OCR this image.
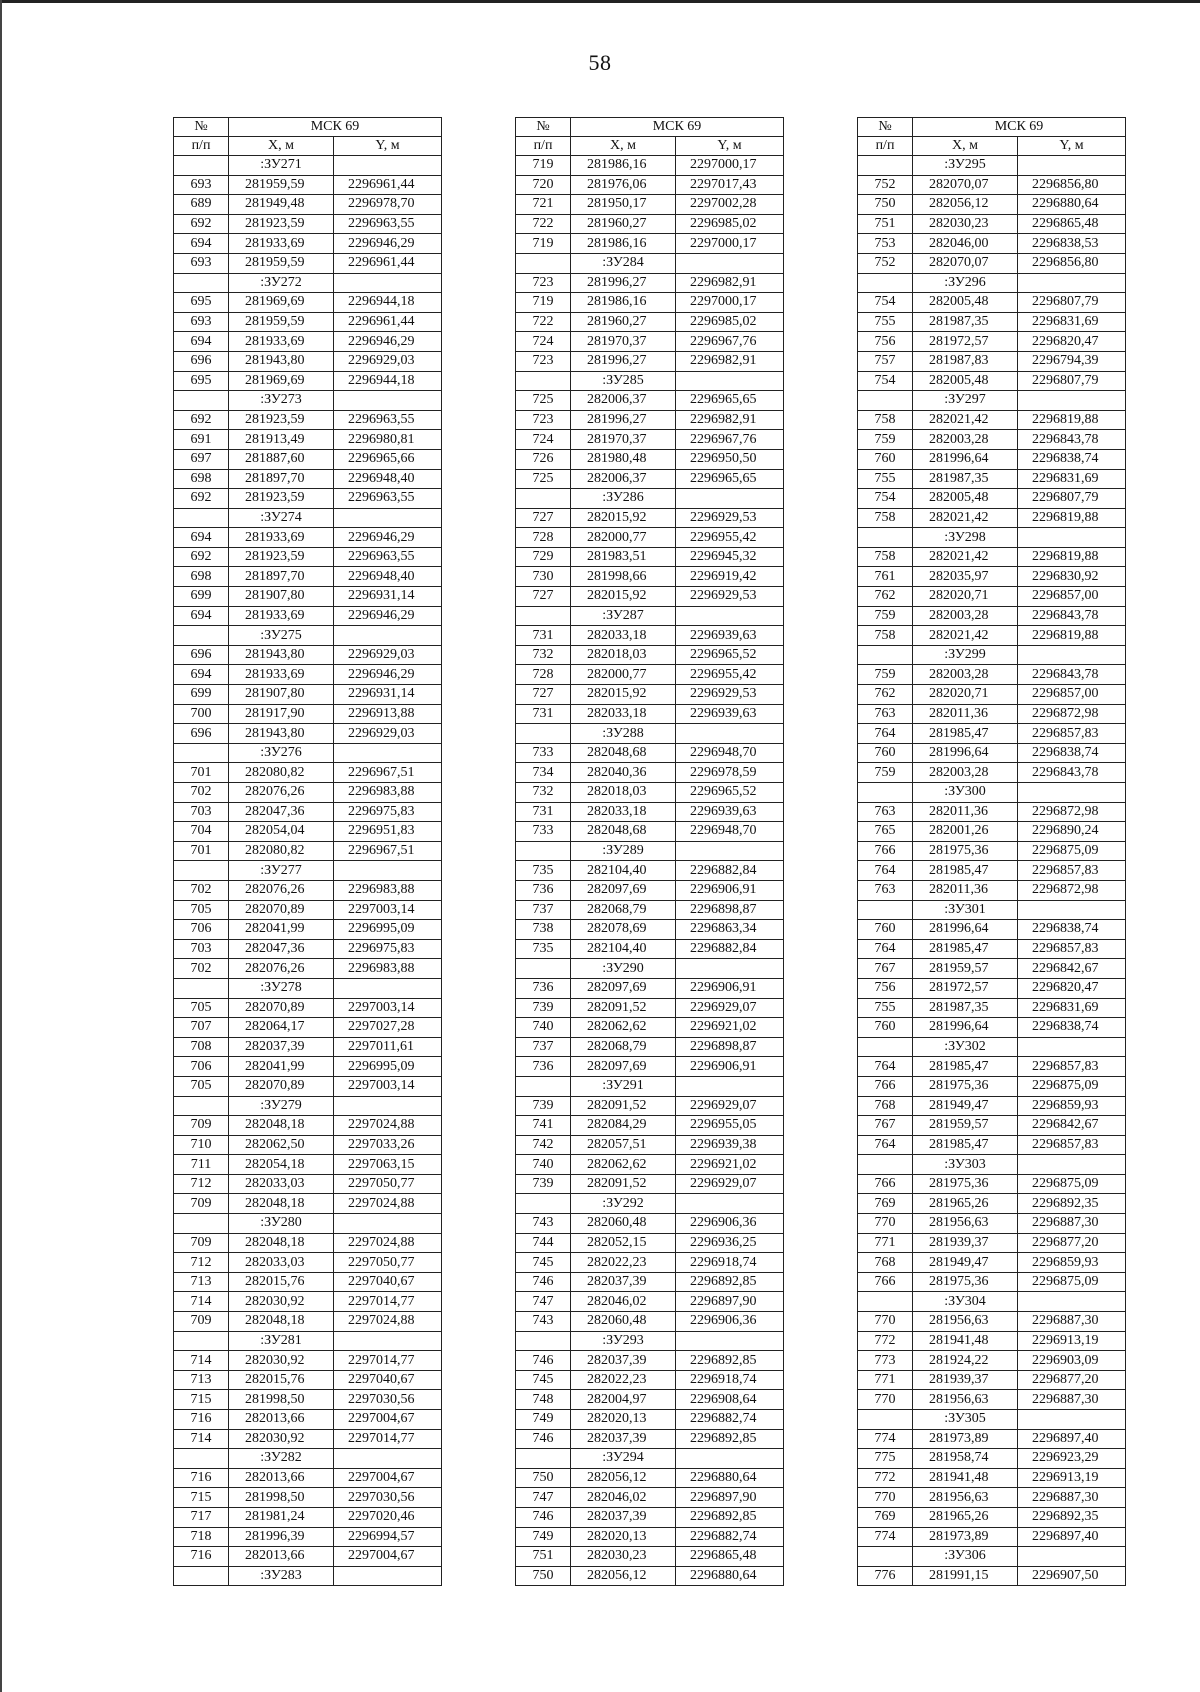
58
№	МСК 69	
п/п	X, м	Y, м
	:ЗУ271	
693	281959,59	2296961,44
689	281949,48	2296978,70
692	281923,59	2296963,55
694	281933,69	2296946,29
693	281959,59	2296961,44
	:ЗУ272	
695	281969,69	2296944,18
693	281959,59	2296961,44
694	281933,69	2296946,29
696	281943,80	2296929,03
695	281969,69	2296944,18
	:ЗУ273	
692	281923,59	2296963,55
691	281913,49	2296980,81
697	281887,60	2296965,66
698	281897,70	2296948,40
692	281923,59	2296963,55
	:ЗУ274	
694	281933,69	2296946,29
692	281923,59	2296963,55
698	281897,70	2296948,40
699	281907,80	2296931,14
694	281933,69	2296946,29
	:ЗУ275	
696	281943,80	2296929,03
694	281933,69	2296946,29
699	281907,80	2296931,14
700	281917,90	2296913,88
696	281943,80	2296929,03
	:ЗУ276	
701	282080,82	2296967,51
702	282076,26	2296983,88
703	282047,36	2296975,83
704	282054,04	2296951,83
701	282080,82	2296967,51
	:ЗУ277	
702	282076,26	2296983,88
705	282070,89	2297003,14
706	282041,99	2296995,09
703	282047,36	2296975,83
702	282076,26	2296983,88
	:ЗУ278	
705	282070,89	2297003,14
707	282064,17	2297027,28
708	282037,39	2297011,61
706	282041,99	2296995,09
705	282070,89	2297003,14
	:ЗУ279	
709	282048,18	2297024,88
710	282062,50	2297033,26
711	282054,18	2297063,15
712	282033,03	2297050,77
709	282048,18	2297024,88
	:ЗУ280	
709	282048,18	2297024,88
712	282033,03	2297050,77
713	282015,76	2297040,67
714	282030,92	2297014,77
709	282048,18	2297024,88
	:ЗУ281	
714	282030,92	2297014,77
713	282015,76	2297040,67
715	281998,50	2297030,56
716	282013,66	2297004,67
714	282030,92	2297014,77
	:ЗУ282	
716	282013,66	2297004,67
715	281998,50	2297030,56
717	281981,24	2297020,46
718	281996,39	2296994,57
716	282013,66	2297004,67
	:ЗУ283	
№	МСК 69	
п/п	X, м	Y, м
719	281986,16	2297000,17
720	281976,06	2297017,43
721	281950,17	2297002,28
722	281960,27	2296985,02
719	281986,16	2297000,17
	:ЗУ284	
723	281996,27	2296982,91
719	281986,16	2297000,17
722	281960,27	2296985,02
724	281970,37	2296967,76
723	281996,27	2296982,91
	:ЗУ285	
725	282006,37	2296965,65
723	281996,27	2296982,91
724	281970,37	2296967,76
726	281980,48	2296950,50
725	282006,37	2296965,65
	:ЗУ286	
727	282015,92	2296929,53
728	282000,77	2296955,42
729	281983,51	2296945,32
730	281998,66	2296919,42
727	282015,92	2296929,53
	:ЗУ287	
731	282033,18	2296939,63
732	282018,03	2296965,52
728	282000,77	2296955,42
727	282015,92	2296929,53
731	282033,18	2296939,63
	:ЗУ288	
733	282048,68	2296948,70
734	282040,36	2296978,59
732	282018,03	2296965,52
731	282033,18	2296939,63
733	282048,68	2296948,70
	:ЗУ289	
735	282104,40	2296882,84
736	282097,69	2296906,91
737	282068,79	2296898,87
738	282078,69	2296863,34
735	282104,40	2296882,84
	:ЗУ290	
736	282097,69	2296906,91
739	282091,52	2296929,07
740	282062,62	2296921,02
737	282068,79	2296898,87
736	282097,69	2296906,91
	:ЗУ291	
739	282091,52	2296929,07
741	282084,29	2296955,05
742	282057,51	2296939,38
740	282062,62	2296921,02
739	282091,52	2296929,07
	:ЗУ292	
743	282060,48	2296906,36
744	282052,15	2296936,25
745	282022,23	2296918,74
746	282037,39	2296892,85
747	282046,02	2296897,90
743	282060,48	2296906,36
	:ЗУ293	
746	282037,39	2296892,85
745	282022,23	2296918,74
748	282004,97	2296908,64
749	282020,13	2296882,74
746	282037,39	2296892,85
	:ЗУ294	
750	282056,12	2296880,64
747	282046,02	2296897,90
746	282037,39	2296892,85
749	282020,13	2296882,74
751	282030,23	2296865,48
750	282056,12	2296880,64
№	МСК 69	
п/п	X, м	Y, м
	:ЗУ295	
752	282070,07	2296856,80
750	282056,12	2296880,64
751	282030,23	2296865,48
753	282046,00	2296838,53
752	282070,07	2296856,80
	:ЗУ296	
754	282005,48	2296807,79
755	281987,35	2296831,69
756	281972,57	2296820,47
757	281987,83	2296794,39
754	282005,48	2296807,79
	:ЗУ297	
758	282021,42	2296819,88
759	282003,28	2296843,78
760	281996,64	2296838,74
755	281987,35	2296831,69
754	282005,48	2296807,79
758	282021,42	2296819,88
	:ЗУ298	
758	282021,42	2296819,88
761	282035,97	2296830,92
762	282020,71	2296857,00
759	282003,28	2296843,78
758	282021,42	2296819,88
	:ЗУ299	
759	282003,28	2296843,78
762	282020,71	2296857,00
763	282011,36	2296872,98
764	281985,47	2296857,83
760	281996,64	2296838,74
759	282003,28	2296843,78
	:ЗУ300	
763	282011,36	2296872,98
765	282001,26	2296890,24
766	281975,36	2296875,09
764	281985,47	2296857,83
763	282011,36	2296872,98
	:ЗУ301	
760	281996,64	2296838,74
764	281985,47	2296857,83
767	281959,57	2296842,67
756	281972,57	2296820,47
755	281987,35	2296831,69
760	281996,64	2296838,74
	:ЗУ302	
764	281985,47	2296857,83
766	281975,36	2296875,09
768	281949,47	2296859,93
767	281959,57	2296842,67
764	281985,47	2296857,83
	:ЗУ303	
766	281975,36	2296875,09
769	281965,26	2296892,35
770	281956,63	2296887,30
771	281939,37	2296877,20
768	281949,47	2296859,93
766	281975,36	2296875,09
	:ЗУ304	
770	281956,63	2296887,30
772	281941,48	2296913,19
773	281924,22	2296903,09
771	281939,37	2296877,20
770	281956,63	2296887,30
	:ЗУ305	
774	281973,89	2296897,40
775	281958,74	2296923,29
772	281941,48	2296913,19
770	281956,63	2296887,30
769	281965,26	2296892,35
774	281973,89	2296897,40
	:ЗУ306	
776	281991,15	2296907,50
